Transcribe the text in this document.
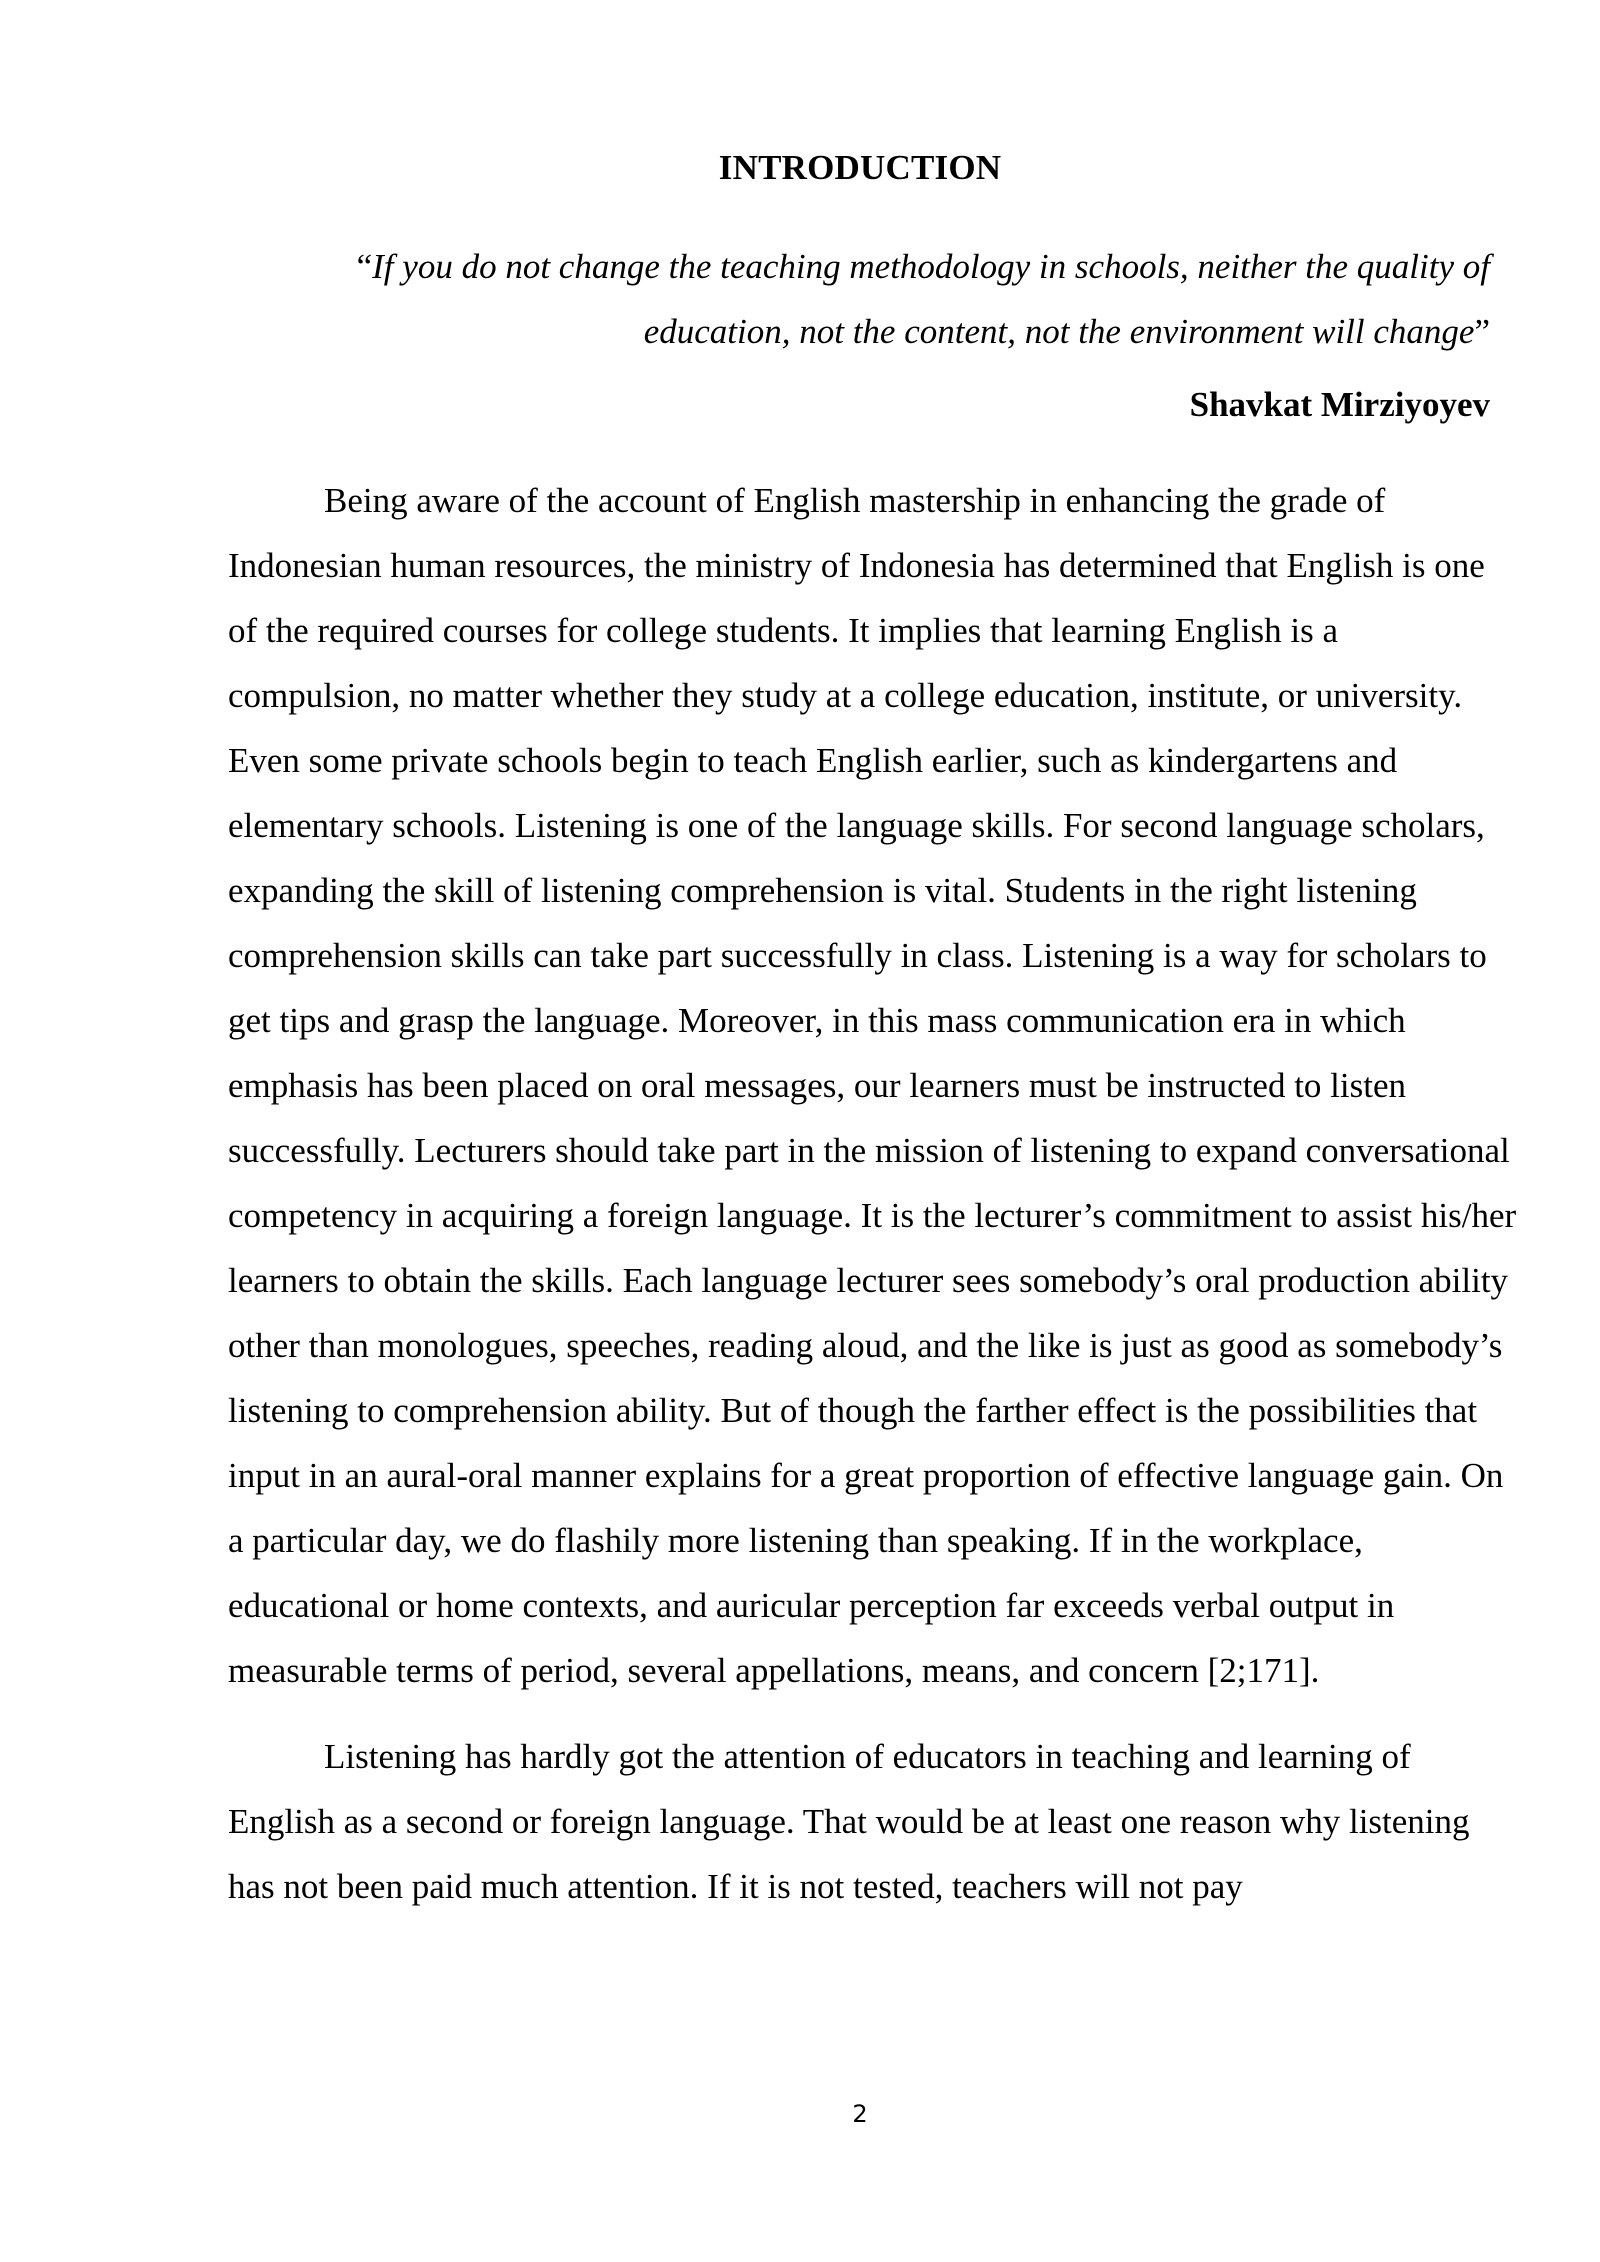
INTRODUCTION
“If you do not change the teaching methodology in schools, neither the quality of education, not the content, not the environment will change”
Shavkat Mirziyoyev

Being aware of the account of English mastership in enhancing the grade of Indonesian human resources, the ministry of Indonesia has determined that English is one of the required courses for college students. It implies that learning English is a compulsion, no matter whether they study at a college education, institute, or university. Even some private schools begin to teach English earlier, such as kindergartens and elementary schools. Listening is one of the language skills. For second language scholars, expanding the skill of listening comprehension is vital. Students in the right listening comprehension skills can take part successfully in class. Listening is a way for scholars to get tips and grasp the language. Moreover, in this mass communication era in which emphasis has been placed on oral messages, our learners must be instructed to listen successfully. Lecturers should take part in the mission of listening to expand conversational competency in acquiring a foreign language. It is the lecturer’s commitment to assist his/her learners to obtain the skills. Each language lecturer sees somebody’s oral production ability other than monologues, speeches, reading aloud, and the like is just as good as somebody’s listening to comprehension ability. But of though the farther effect is the possibilities that input in an aural-oral manner explains for a great proportion of effective language gain. On a particular day, we do flashily more listening than speaking. If in the workplace, educational or home contexts, and auricular perception far exceeds verbal output in measurable terms of period, several appellations, means, and concern [2;171].

Listening has hardly got the attention of educators in teaching and learning of English as a second or foreign language. That would be at least one reason why listening has not been paid much attention. If it is not tested, teachers will not pay

2
